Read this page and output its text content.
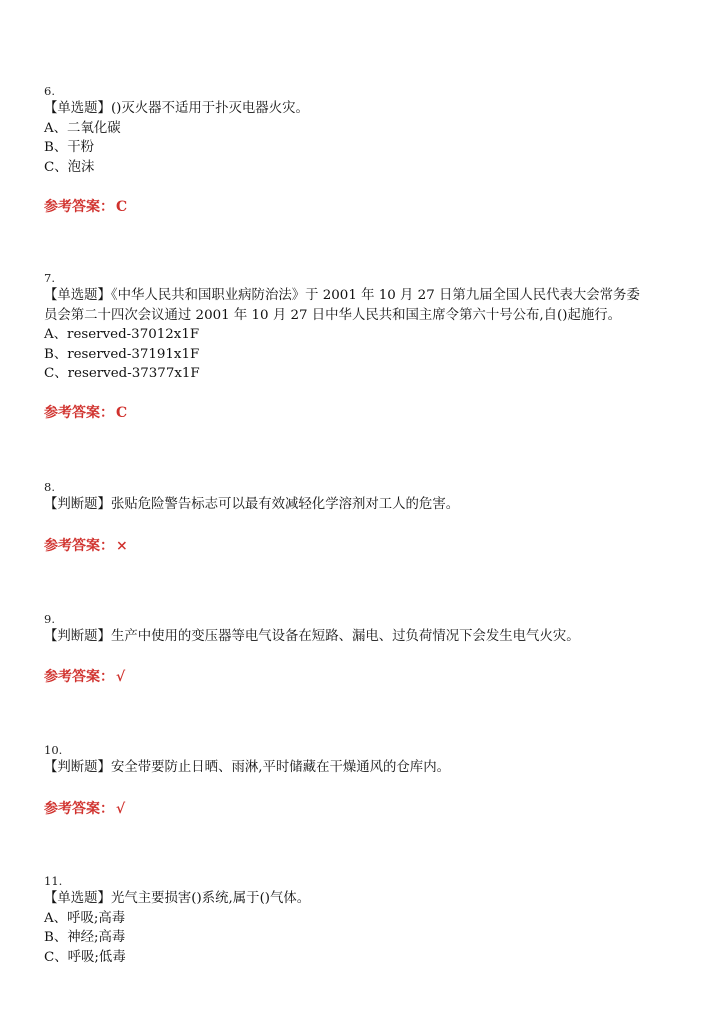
6.
【单选题】()灭火器不适用于扑灭电器火灾。
A、二氧化碳
B、干粉
C、泡沫
参考答案： C
7.
【单选题】《中华人民共和国职业病防治法》于 2001 年 10 月 27 日第九届全国人民代表大会常务委
员会第二十四次会议通过 2001 年 10 月 27 日中华人民共和国主席令第六十号公布,自()起施行。
A、reserved-37012x1F
B、reserved-37191x1F
C、reserved-37377x1F
参考答案： C
8.
【判断题】张贴危险警告标志可以最有效减轻化学溶剂对工人的危害。
参考答案： ×
9.
【判断题】生产中使用的变压器等电气设备在短路、漏电、过负荷情况下会发生电气火灾。
参考答案： √
10.
【判断题】安全带要防止日晒、雨淋,平时储藏在干燥通风的仓库内。
参考答案： √
11.
【单选题】光气主要损害()系统,属于()气体。
A、呼吸;高毒
B、神经;高毒
C、呼吸;低毒
